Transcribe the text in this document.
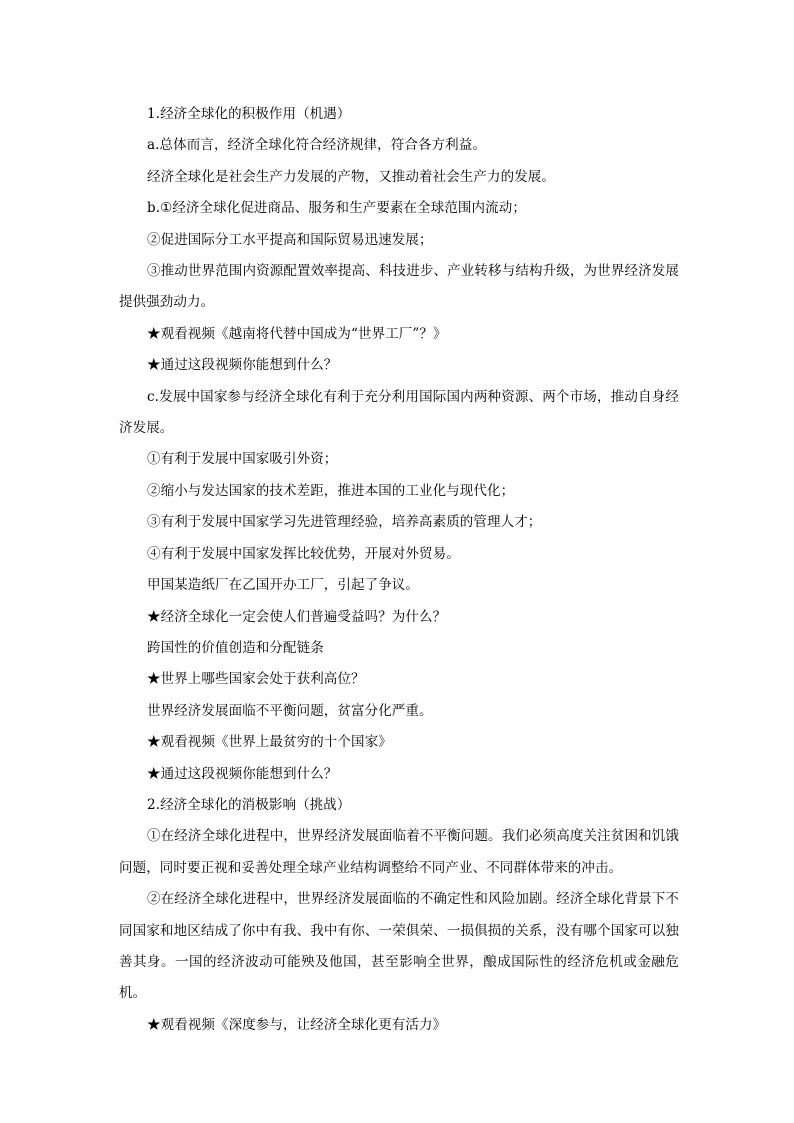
1.经济全球化的积极作用（机遇）
a.总体而言，经济全球化符合经济规律，符合各方利益。
经济全球化是社会生产力发展的产物，又推动着社会生产力的发展。
b.①经济全球化促进商品、服务和生产要素在全球范围内流动；
②促进国际分工水平提高和国际贸易迅速发展；
③推动世界范围内资源配置效率提高、科技进步、产业转移与结构升级，为世界经济发展提供强劲动力。
★观看视频《越南将代替中国成为“世界工厂”？》
★通过这段视频你能想到什么？
c.发展中国家参与经济全球化有利于充分利用国际国内两种资源、两个市场，推动自身经济发展。
①有利于发展中国家吸引外资；
②缩小与发达国家的技术差距，推进本国的工业化与现代化；
③有利于发展中国家学习先进管理经验，培养高素质的管理人才；
④有利于发展中国家发挥比较优势，开展对外贸易。
甲国某造纸厂在乙国开办工厂，引起了争议。
★经济全球化一定会使人们普遍受益吗？为什么？
跨国性的价值创造和分配链条
★世界上哪些国家会处于获利高位？
世界经济发展面临不平衡问题，贫富分化严重。
★观看视频《世界上最贫穷的十个国家》
★通过这段视频你能想到什么？
2.经济全球化的消极影响（挑战）
①在经济全球化进程中，世界经济发展面临着不平衡问题。我们必须高度关注贫困和饥饿问题，同时要正视和妥善处理全球产业结构调整给不同产业、不同群体带来的冲击。
②在经济全球化进程中，世界经济发展面临的不确定性和风险加剧。经济全球化背景下不同国家和地区结成了你中有我、我中有你、一荣俱荣、一损俱损的关系，没有哪个国家可以独善其身。一国的经济波动可能殃及他国，甚至影响全世界，酿成国际性的经济危机或金融危机。
★观看视频《深度参与，让经济全球化更有活力》
